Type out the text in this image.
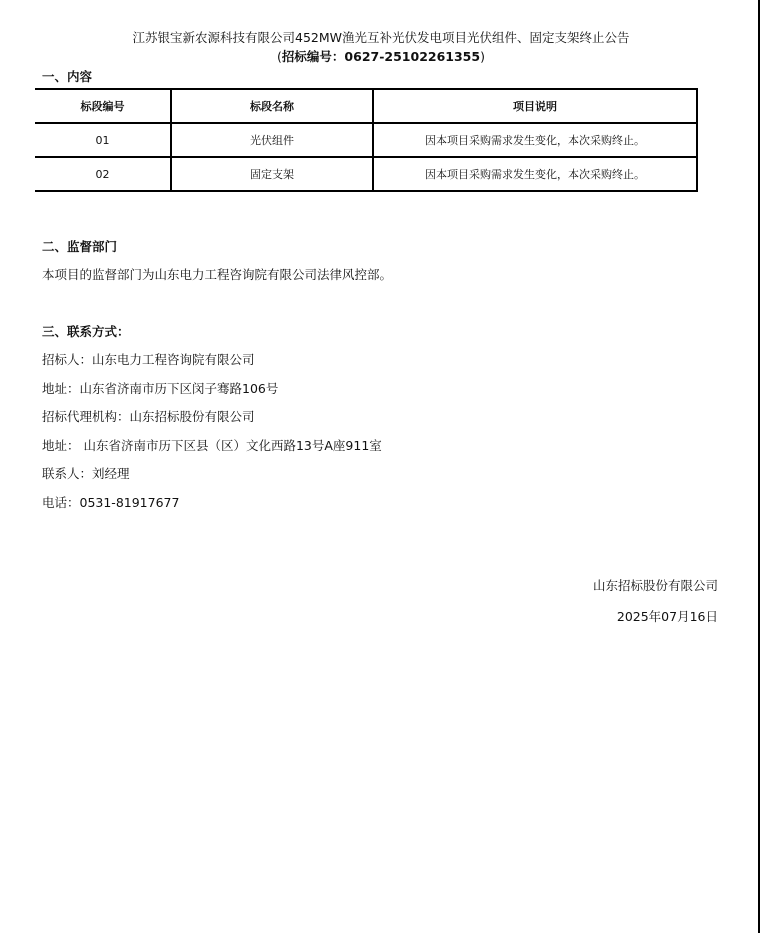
江苏银宝新农源科技有限公司452MW渔光互补光伏发电项目光伏组件、固定支架终止公告
(招标编号：0627-25102261355)
一、内容
标段编号	标段名称	项目说明
01	光伏组件	因本项目采购需求发生变化，本次采购终止。
02	固定支架	因本项目采购需求发生变化，本次采购终止。
二、监督部门
本项目的监督部门为山东电力工程咨询院有限公司法律风控部。
三、联系方式：
招标人：山东电力工程咨询院有限公司
地址：山东省济南市历下区闵子骞路106号
招标代理机构：山东招标股份有限公司
地址： 山东省济南市历下区县（区）文化西路13号A座911室
联系人：刘经理
电话：0531-81917677
山东招标股份有限公司
2025年07月16日
